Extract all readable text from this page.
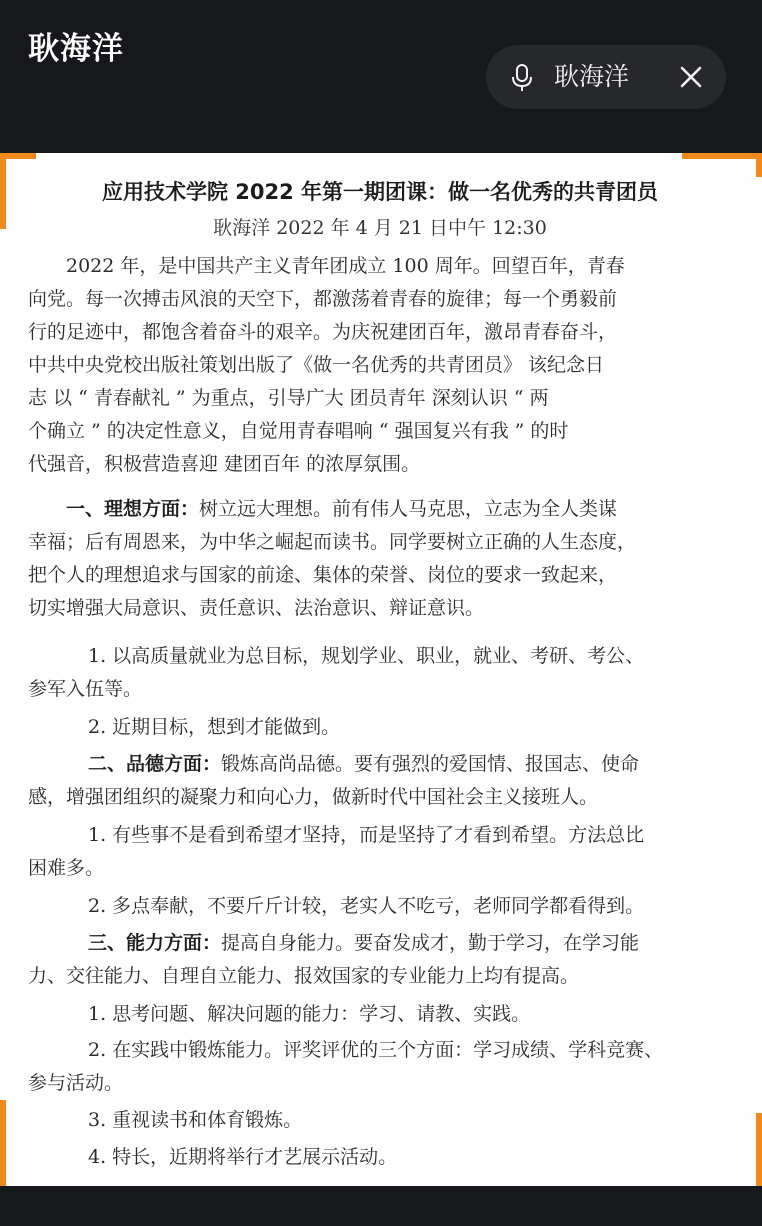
耿海洋
耿海洋
应用技术学院 2022 年第一期团课：做一名优秀的共青团员
耿海洋 2022 年 4 月 21 日中午 12:30
2022 年，是中国共产主义青年团成立 100 周年。回望百年，青春
向党。每一次搏击风浪的天空下，都激荡着青春的旋律；每一个勇毅前
行的足迹中，都饱含着奋斗的艰辛。为庆祝建团百年，激昂青春奋斗，
中共中央党校出版社策划出版了《做一名优秀的共青团员》 该纪念日
志 以 “ 青春献礼 ” 为重点，引导广大 团员青年 深刻认识 “ 两
个确立 ” 的决定性意义，自觉用青春唱响 “ 强国复兴有我 ” 的时
代强音，积极营造喜迎 建团百年 的浓厚氛围。
一、理想方面：树立远大理想。前有伟人马克思，立志为全人类谋
幸福；后有周恩来，为中华之崛起而读书。同学要树立正确的人生态度，
把个人的理想追求与国家的前途、集体的荣誉、岗位的要求一致起来，
切实增强大局意识、责任意识、法治意识、辩证意识。
1. 以高质量就业为总目标，规划学业、职业，就业、考研、考公、
参军入伍等。
2. 近期目标，想到才能做到。
二、品德方面：锻炼高尚品德。要有强烈的爱国情、报国志、使命
感，增强团组织的凝聚力和向心力，做新时代中国社会主义接班人。
1. 有些事不是看到希望才坚持，而是坚持了才看到希望。方法总比
困难多。
2. 多点奉献，不要斤斤计较，老实人不吃亏，老师同学都看得到。
三、能力方面：提高自身能力。要奋发成才，勤于学习，在学习能
力、交往能力、自理自立能力、报效国家的专业能力上均有提高。
1. 思考问题、解决问题的能力：学习、请教、实践。
2. 在实践中锻炼能力。评奖评优的三个方面：学习成绩、学科竞赛、
参与活动。
3. 重视读书和体育锻炼。
4. 特长，近期将举行才艺展示活动。
